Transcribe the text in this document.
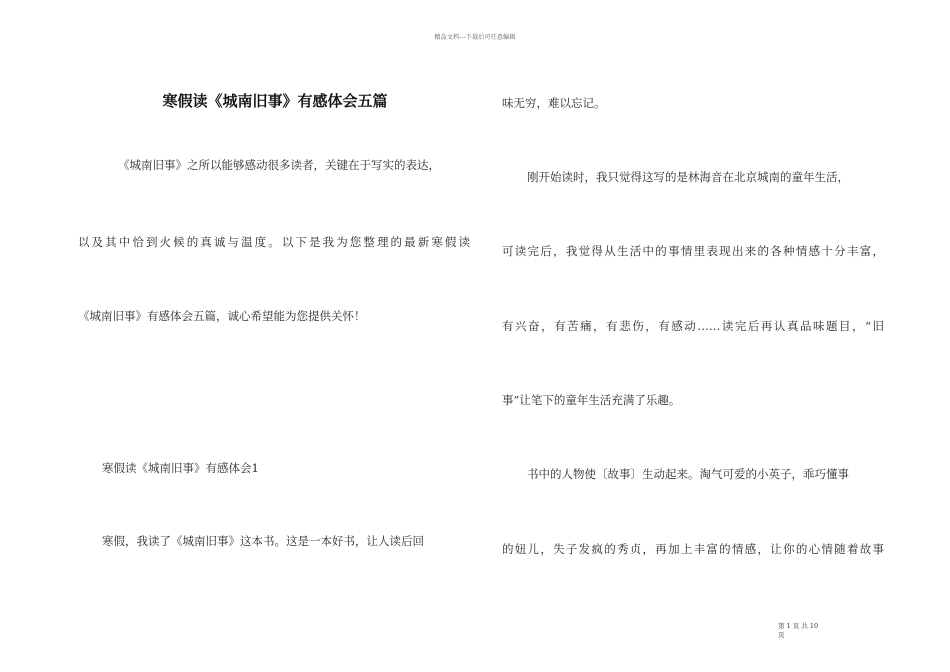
精品文档---下载后可任意编辑
寒假读《城南旧事》有感体会五篇
《城南旧事》之所以能够感动很多读者，关键在于写实的表达，
以及其中恰到火候的真诚与温度。以下是我为您整理的最新寒假读
《城南旧事》有感体会五篇，诚心希望能为您提供关怀！
寒假读《城南旧事》有感体会1
寒假，我读了《城南旧事》这本书。这是一本好书，让人读后回
味无穷，难以忘记。
刚开始读时，我只觉得这写的是林海音在北京城南的童年生活，
可读完后，我觉得从生活中的事情里表现出来的各种情感十分丰富，
有兴奋，有苦痛，有悲伤，有感动……读完后再认真品味题目，“旧
事”让笔下的童年生活充满了乐趣。
书中的人物使〔故事〕生动起来。淘气可爱的小英子，乖巧懂事
的妞儿，失子发疯的秀贞，再加上丰富的情感，让你的心情随着故事
第 1 页 共 10
页
